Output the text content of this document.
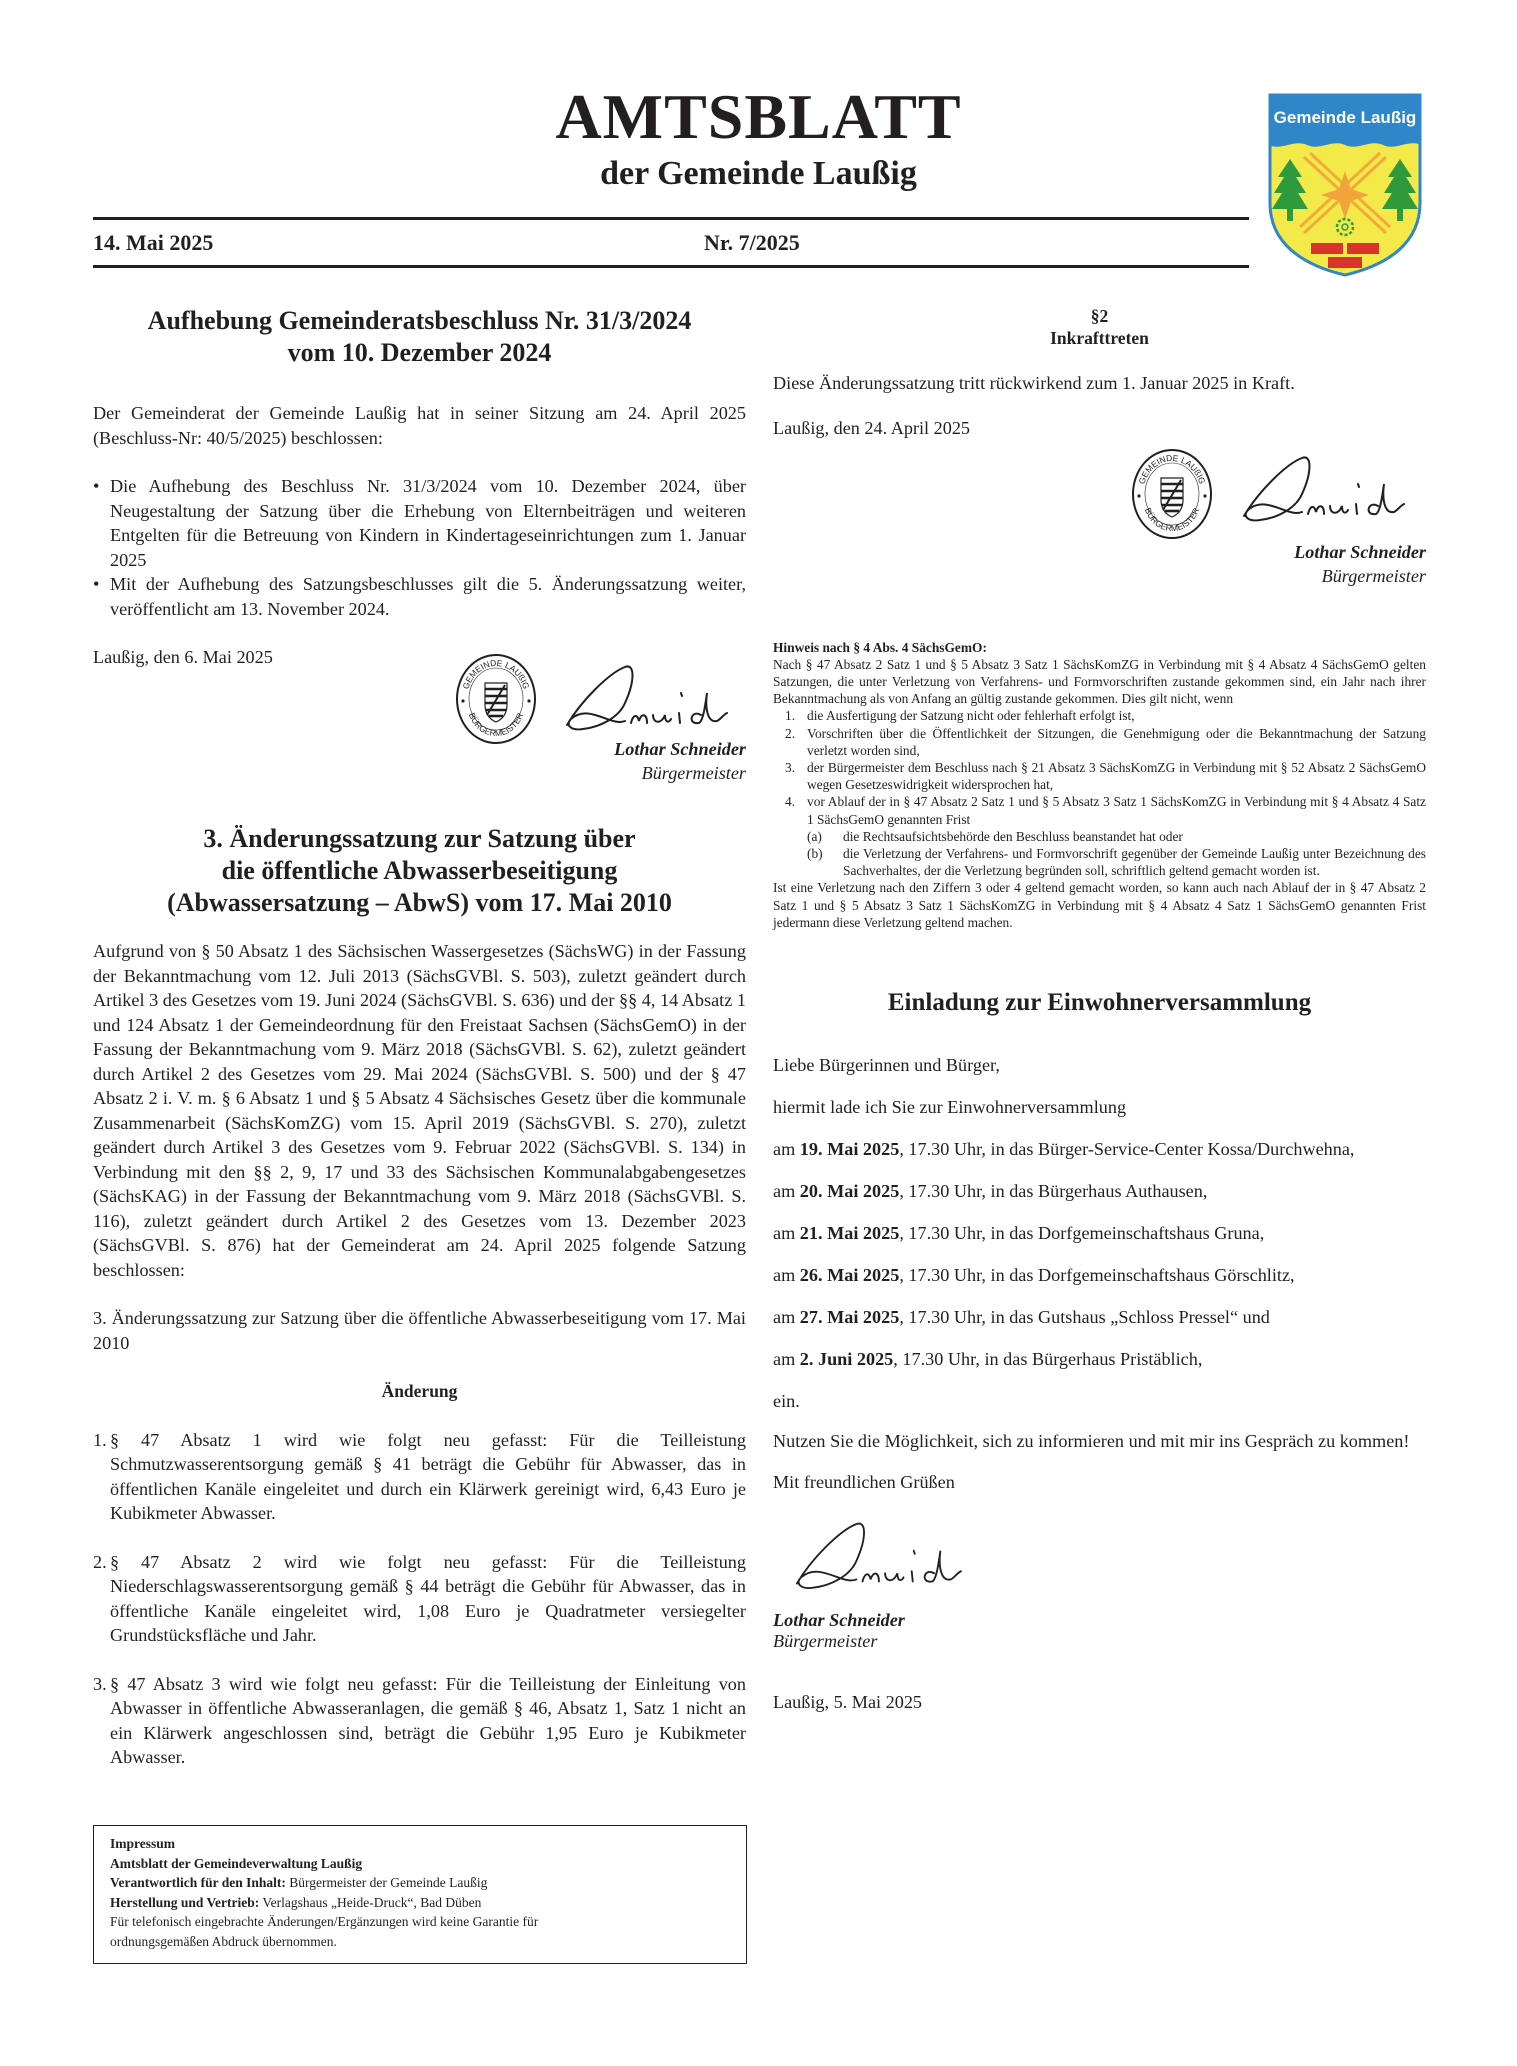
AMTSBLATT
der Gemeinde Laußig
14. Mai 2025	Nr. 7/2025
Gemeinde Laußig
Aufhebung Gemeinderatsbeschluss Nr. 31/3/2024
vom 10. Dezember 2024

Der Gemeinderat der Gemeinde Laußig hat in seiner Sitzung am 24. April 2025 (Beschluss-Nr: 40/5/2025) beschlossen:

• Die Aufhebung des Beschluss Nr. 31/3/2024 vom 10. Dezember 2024, über Neugestaltung der Satzung über die Erhebung von Elternbeiträgen und weiteren Entgelten für die Betreuung von Kindern in Kindertageseinrichtungen zum 1. Januar 2025
• Mit der Aufhebung des Satzungsbeschlusses gilt die 5. Änderungssatzung weiter, veröffentlicht am 13. November 2024.
Laußig, den 6. Mai 2025
GEMEINDE LAUßIG
BÜRGERMEISTER
Lothar Schneider
Bürgermeister
3. Änderungssatzung zur Satzung über
die öffentliche Abwasserbeseitigung
(Abwassersatzung – AbwS) vom 17. Mai 2010

Aufgrund von § 50 Absatz 1 des Sächsischen Wassergesetzes (SächsWG) in der Fassung der Bekanntmachung vom 12. Juli 2013 (SächsGVBl. S. 503), zuletzt geändert durch Artikel 3 des Gesetzes vom 19. Juni 2024 (SächsGVBl. S. 636) und der §§ 4, 14 Absatz 1 und 124 Absatz 1 der Gemeindeordnung für den Freistaat Sachsen (SächsGemO) in der Fassung der Bekanntmachung vom 9. März 2018 (SächsGVBl. S. 62), zuletzt geändert durch Artikel 2 des Gesetzes vom 29. Mai 2024 (SächsGVBl. S. 500) und der § 47 Absatz 2 i. V. m. § 6 Absatz 1 und § 5 Absatz 4 Sächsisches Gesetz über die kommunale Zusammenarbeit (SächsKomZG) vom 15. April 2019 (SächsGVBl. S. 270), zuletzt geändert durch Artikel 3 des Gesetzes vom 9. Februar 2022 (SächsGVBl. S. 134) in Verbindung mit den §§ 2, 9, 17 und 33 des Sächsischen Kommunalabgabengesetzes (SächsKAG) in der Fassung der Bekanntmachung vom 9. März 2018 (SächsGVBl. S. 116), zuletzt geändert durch Artikel 2 des Gesetzes vom 13. Dezember 2023 (SächsGVBl. S. 876) hat der Gemeinderat am 24. April 2025 folgende Satzung beschlossen:

3. Änderungssatzung zur Satzung über die öffentliche Abwasserbeseitigung vom 17. Mai 2010

Änderung

1. § 47 Absatz 1 wird wie folgt neu gefasst: Für die Teilleistung Schmutzwasserentsorgung gemäß § 41 beträgt die Gebühr für Abwasser, das in öffentlichen Kanäle eingeleitet und durch ein Klärwerk gereinigt wird, 6,43 Euro je Kubikmeter Abwasser.
2. § 47 Absatz 2 wird wie folgt neu gefasst: Für die Teilleistung Niederschlagswasserentsorgung gemäß § 44 beträgt die Gebühr für Abwasser, das in öffentliche Kanäle eingeleitet wird, 1,08 Euro je Quadratmeter versiegelter Grundstücksfläche und Jahr.
3. § 47 Absatz 3 wird wie folgt neu gefasst: Für die Teilleistung der Einleitung von Abwasser in öffentliche Abwasseranlagen, die gemäß § 46, Absatz 1, Satz 1 nicht an ein Klärwerk angeschlossen sind, beträgt die Gebühr 1,95 Euro je Kubikmeter Abwasser.
Impressum
Amtsblatt der Gemeindeverwaltung Laußig
Verantwortlich für den Inhalt: Bürgermeister der Gemeinde Laußig
Herstellung und Vertrieb: Verlagshaus „Heide-Druck“, Bad Düben
Für telefonisch eingebrachte Änderungen/Ergänzungen wird keine Garantie für ordnungsgemäßen Abdruck übernommen.
§2
Inkrafttreten

Diese Änderungssatzung tritt rückwirkend zum 1. Januar 2025 in Kraft.

Laußig, den 24. April 2025
GEMEINDE LAUßIG
BÜRGERMEISTER
Lothar Schneider
Bürgermeister
Hinweis nach § 4 Abs. 4 SächsGemO:

Nach § 47 Absatz 2 Satz 1 und § 5 Absatz 3 Satz 1 SächsKomZG in Verbindung mit § 4 Absatz 4 SächsGemO gelten Satzungen, die unter Verletzung von Verfahrens- und Formvorschriften zustande gekommen sind, ein Jahr nach ihrer Bekanntmachung als von Anfang an gültig zustande gekommen. Dies gilt nicht, wenn

1. die Ausfertigung der Satzung nicht oder fehlerhaft erfolgt ist,
2. Vorschriften über die Öffentlichkeit der Sitzungen, die Genehmigung oder die Bekanntmachung der Satzung verletzt worden sind,
3. der Bürgermeister dem Beschluss nach § 21 Absatz 3 SächsKomZG in Verbindung mit § 52 Absatz 2 SächsGemO wegen Gesetzeswidrigkeit widersprochen hat,
4. vor Ablauf der in § 47 Absatz 2 Satz 1 und § 5 Absatz 3 Satz 1 SächsKomZG in Verbindung mit § 4 Absatz 4 Satz 1 SächsGemO genannten Frist
(a) die Rechtsaufsichtsbehörde den Beschluss beanstandet hat oder
(b) die Verletzung der Verfahrens- und Formvorschrift gegenüber der Gemeinde Laußig unter Bezeichnung des Sachverhaltes, der die Verletzung begründen soll, schriftlich geltend gemacht worden ist.

Ist eine Verletzung nach den Ziffern 3 oder 4 geltend gemacht worden, so kann auch nach Ablauf der in § 47 Absatz 2 Satz 1 und § 5 Absatz 3 Satz 1 SächsKomZG in Verbindung mit § 4 Absatz 4 Satz 1 SächsGemO genannten Frist jedermann diese Verletzung geltend machen.

Einladung zur Einwohnerversammlung

Liebe Bürgerinnen und Bürger,

hiermit lade ich Sie zur Einwohnerversammlung

am 19. Mai 2025, 17.30 Uhr, in das Bürger-Service-Center Kossa/Durchwehna,

am 20. Mai 2025, 17.30 Uhr, in das Bürgerhaus Authausen,

am 21. Mai 2025, 17.30 Uhr, in das Dorfgemeinschaftshaus Gruna,

am 26. Mai 2025, 17.30 Uhr, in das Dorfgemeinschaftshaus Görschlitz,

am 27. Mai 2025, 17.30 Uhr, in das Gutshaus „Schloss Pressel“ und

am 2. Juni 2025, 17.30 Uhr, in das Bürgerhaus Pristäblich,

ein.

Nutzen Sie die Möglichkeit, sich zu informieren und mit mir ins Gespräch zu kommen!

Mit freundlichen Grüßen

Lothar Schneider
Bürgermeister
Laußig, 5. Mai 2025
